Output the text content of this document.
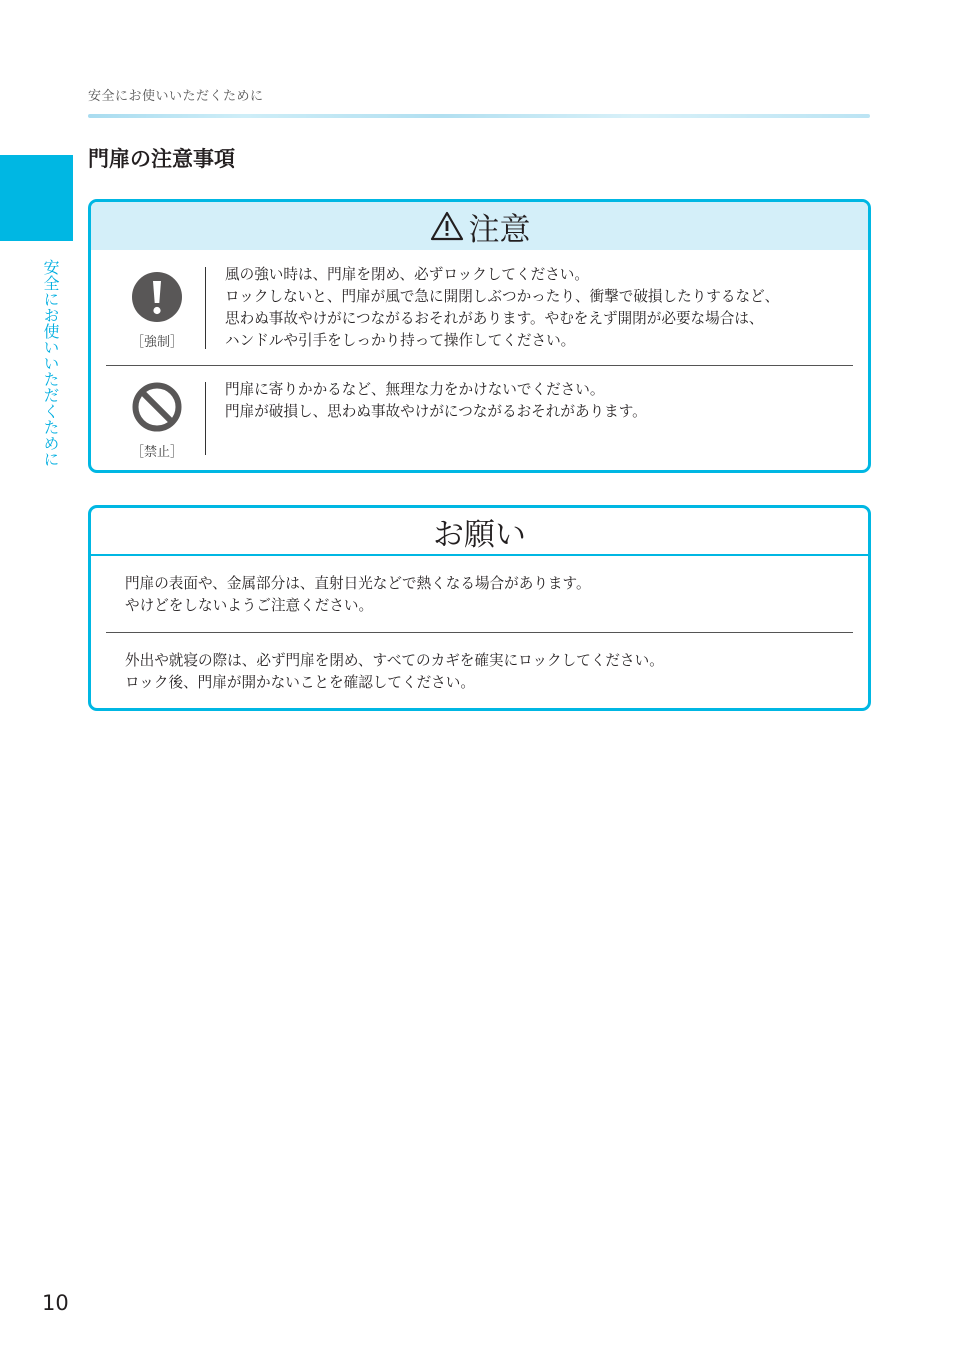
安全にお使いいただくために
安全にお使いいただくために
門扉の注意事項
注意
［強制］
風の強い時は、門扉を閉め、必ずロックしてください。
ロックしないと、門扉が風で急に開閉しぶつかったり、衝撃で破損したりするなど、
思わぬ事故やけがにつながるおそれがあります。やむをえず開閉が必要な場合は、
ハンドルや引手をしっかり持って操作してください。
［禁止］
門扉に寄りかかるなど、無理な力をかけないでください。
門扉が破損し、思わぬ事故やけがにつながるおそれがあります。
お願い
門扉の表面や、金属部分は、直射日光などで熱くなる場合があります。
やけどをしないようご注意ください。
外出や就寝の際は、必ず門扉を閉め、すべてのカギを確実にロックしてください。
ロック後、門扉が開かないことを確認してください。
10
